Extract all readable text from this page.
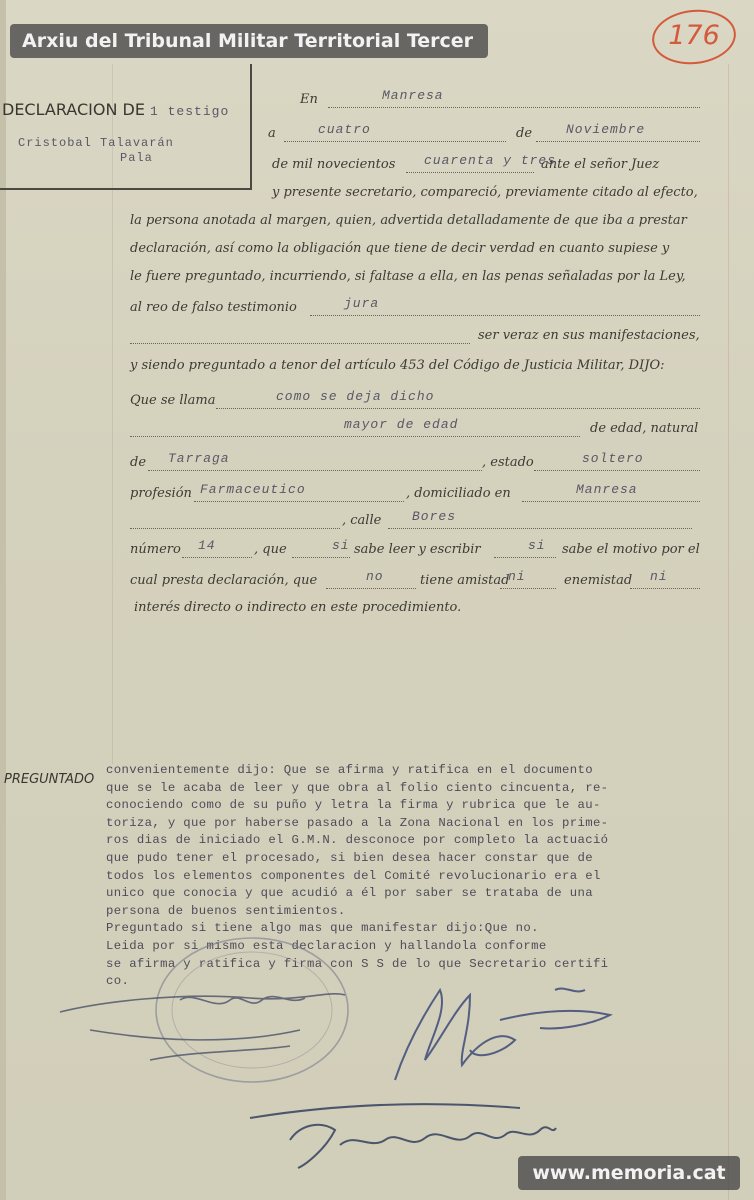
Arxiu del Tribunal Militar Territorial Tercer	176
DECLARACION DE 1 testigo
Cristobal Talavarán
Pala
En	Manresa
a	cuatro	de	Noviembre
de mil novecientos cuarenta y tres
ante el señor Juez
y presente secretario, compareció, previamente citado al efecto,
la persona anotada al margen, quien, advertida detalladamente de que iba a prestar
declaración, así como la obligación que tiene de decir verdad en cuanto supiese y
le fuere preguntado, incurriendo, si faltase a ella, en las penas señaladas por la Ley,
al reo de falso testimonio	jura
ser veraz en sus manifestaciones,
y siendo preguntado a tenor del artículo 453 del Código de Justicia Militar, DIJO:
Que se llama	como se deja dicho
mayor de edad	de edad, natural
de Tarraga	, estado	soltero
profesión Farmaceutico	, domiciliado en	Manresa
, calle Bores
número 14	, que	si sabe leer y escribir	si sabe el motivo por el
cual presta declaración, que	no	tiene amistad
ni	enemistad ni
interés directo o indirecto en este procedimiento.
PREGUNTADO
convenientemente dijo: Que se afirma y ratifica en el documento
que se le acaba de leer y que obra al folio ciento cincuenta, re-
conociendo como de su puño y letra la firma y rubrica que le au-
toriza, y que por haberse pasado a la Zona Nacional en los prime-
ros dias de iniciado el G.M.N. desconoce por completo la actuació
que pudo tener el procesado, si bien desea hacer constar que de
todos los elementos componentes del Comité revolucionario era el
unico que conocia y que acudió a él por saber se trataba de una
persona de buenos sentimientos.
Preguntado si tiene algo mas que manifestar dijo:Que no.
Leida por si mismo esta declaracion y hallandola conforme
se afirma y ratifica y firma con S S de lo que Secretario certifi
co.
www.memoria.cat
